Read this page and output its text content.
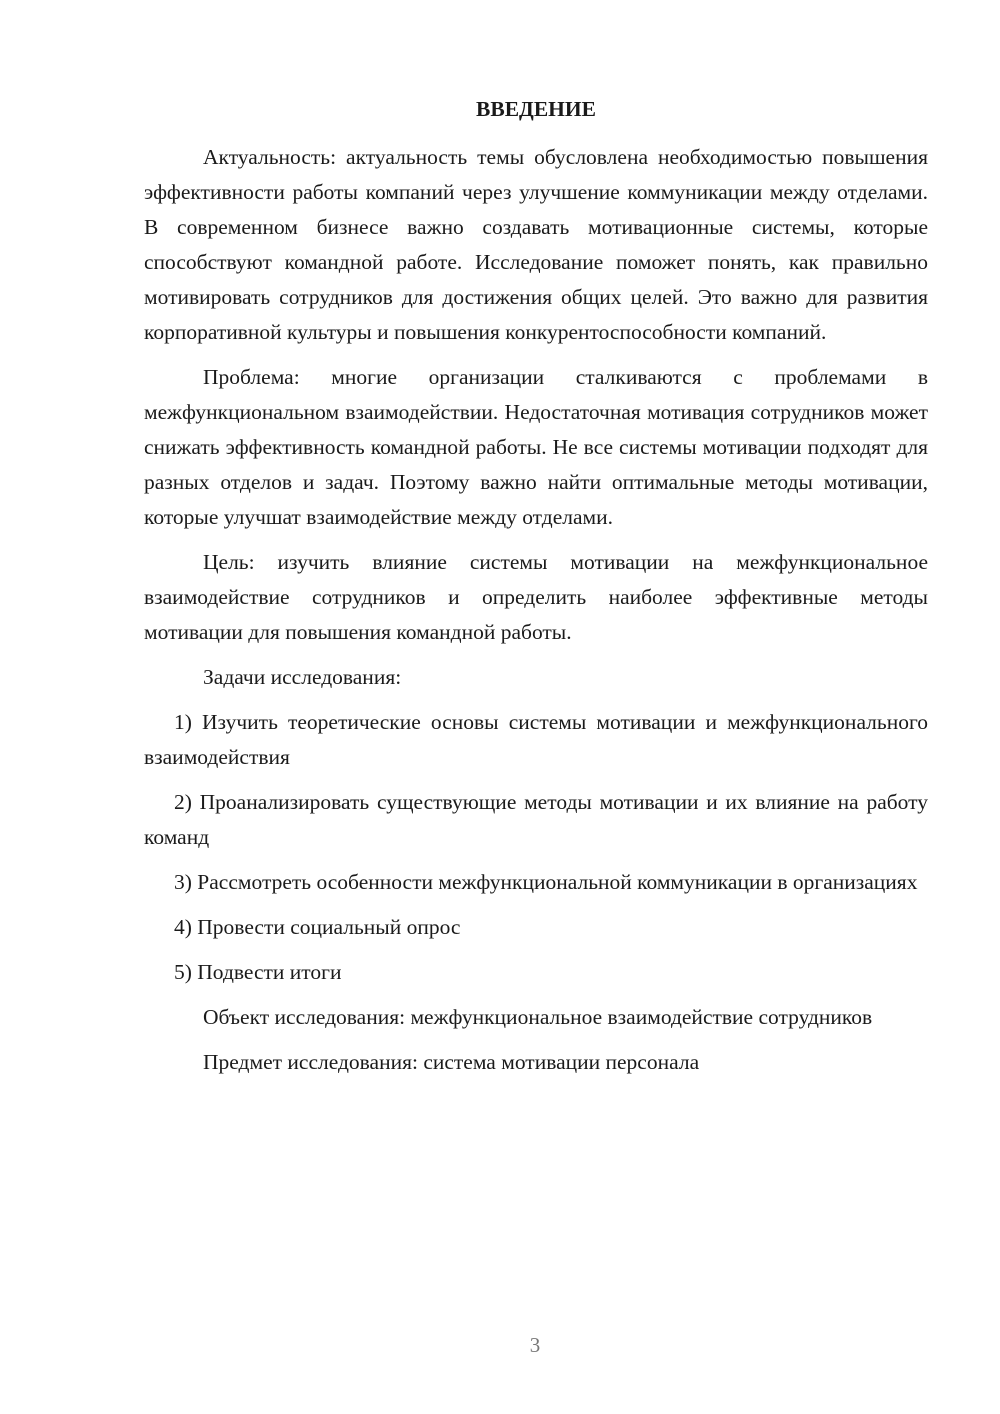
ВВЕДЕНИЕ

Актуальность: актуальность темы обусловлена необходимостью повышения эффективности работы компаний через улучшение коммуникации между отделами. В современном бизнесе важно создавать мотивационные системы, которые способствуют командной работе. Исследование поможет понять, как правильно мотивировать сотрудников для достижения общих целей. Это важно для развития корпоративной культуры и повышения конкурентоспособности компаний.

Проблема: многие организации сталкиваются с проблемами в межфункциональном взаимодействии. Недостаточная мотивация сотрудников может снижать эффективность командной работы. Не все системы мотивации подходят для разных отделов и задач. Поэтому важно найти оптимальные методы мотивации, которые улучшат взаимодействие между отделами.

Цель: изучить влияние системы мотивации на межфункциональное взаимодействие сотрудников и определить наиболее эффективные методы мотивации для повышения командной работы.

Задачи исследования:

1) Изучить теоретические основы системы мотивации и межфункционального взаимодействия

2) Проанализировать существующие методы мотивации и их влияние на работу команд

3) Рассмотреть особенности межфункциональной коммуникации в организациях

4) Провести социальный опрос

5) Подвести итоги

Объект исследования: межфункциональное взаимодействие сотрудников

Предмет исследования: система мотивации персонала

3
